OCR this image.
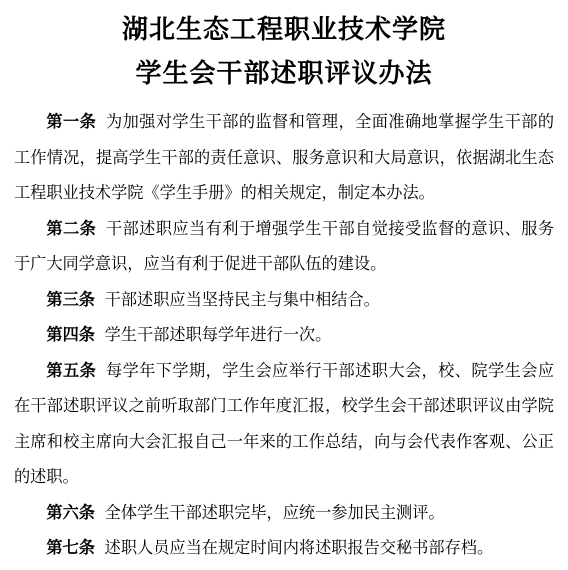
湖北生态工程职业技术学院
学生会干部述职评议办法

第一条 为加强对学生干部的监督和管理，全面准确地掌握学生干部的工作情况，提高学生干部的责任意识、服务意识和大局意识，依据湖北生态工程职业技术学院《学生手册》的相关规定，制定本办法。

第二条 干部述职应当有利于增强学生干部自觉接受监督的意识、服务于广大同学意识，应当有利于促进干部队伍的建设。

第三条 干部述职应当坚持民主与集中相结合。

第四条 学生干部述职每学年进行一次。

第五条 每学年下学期，学生会应举行干部述职大会，校、院学生会应在干部述职评议之前听取部门工作年度汇报，校学生会干部述职评议由学院主席和校主席向大会汇报自己一年来的工作总结，向与会代表作客观、公正的述职。

第六条 全体学生干部述职完毕，应统一参加民主测评。

第七条 述职人员应当在规定时间内将述职报告交秘书部存档。
